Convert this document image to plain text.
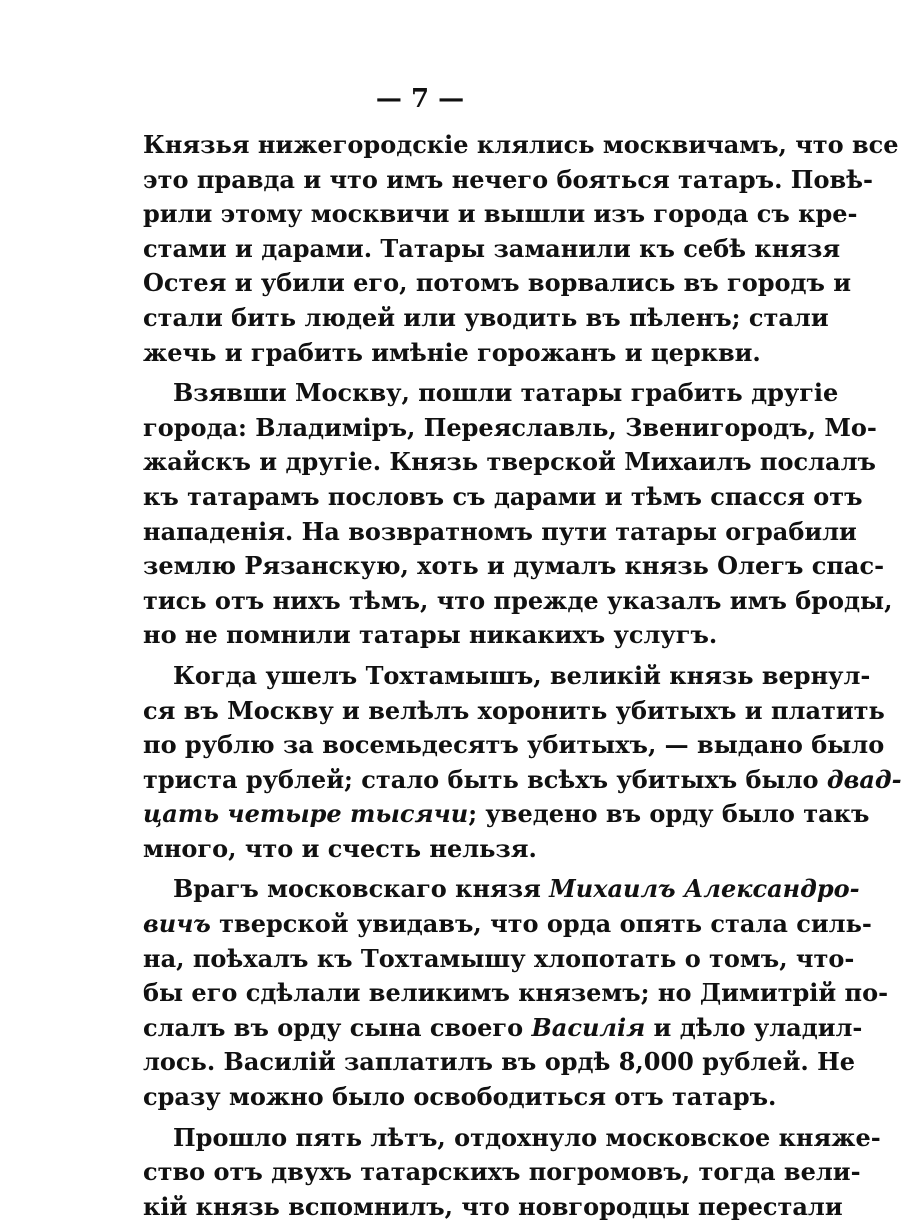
— 7 —
Князья нижегородскіе клялись москвичамъ, что все
это правда и что имъ нечего бояться татаръ. Повѣ-
рили этому москвичи и вышли изъ города съ кре-
стами и дарами. Татары заманили къ себѣ князя
Остея и убили его, потомъ ворвались въ городъ и
стали бить людей или уводить въ пѣленъ; стали
жечь и грабить имѣніе горожанъ и церкви.
Взявши Москву, пошли татары грабить другіе
города: Владиміръ, Переяславль, Звенигородъ, Мо-
жайскъ и другіе. Князь тверской Михаилъ послалъ
къ татарамъ пословъ съ дарами и тѣмъ спасся отъ
нападенія. На возвратномъ пути татары ограбили
землю Рязанскую, хоть и думалъ князь Олегъ спас-
тись отъ нихъ тѣмъ, что прежде указалъ имъ броды,
но не помнили татары никакихъ услугъ.
Когда ушелъ Тохтамышъ, великій князь вернул-
ся въ Москву и велѣлъ хоронить убитыхъ и платить
по рублю за восемьдесятъ убитыхъ, — выдано было
триста рублей; стало быть всѣхъ убитыхъ было двад-
цать четыре тысячи; уведено въ орду было такъ
много, что и счесть нельзя.
Врагъ московскаго князя Михаилъ Александро-
вичъ тверской увидавъ, что орда опять стала силь-
на, поѣхалъ къ Тохтамышу хлопотать о томъ, что-
бы его сдѣлали великимъ княземъ; но Димитрій по-
слалъ въ орду сына своего Василія и дѣло уладил-
лось. Василій заплатилъ въ ордѣ 8,000 рублей. Не
сразу можно было освободиться отъ татаръ.
Прошло пять лѣтъ, отдохнуло московское княже-
ство отъ двухъ татарскихъ погромовъ, тогда вели-
кій князь вспомнилъ, что новгородцы перестали
